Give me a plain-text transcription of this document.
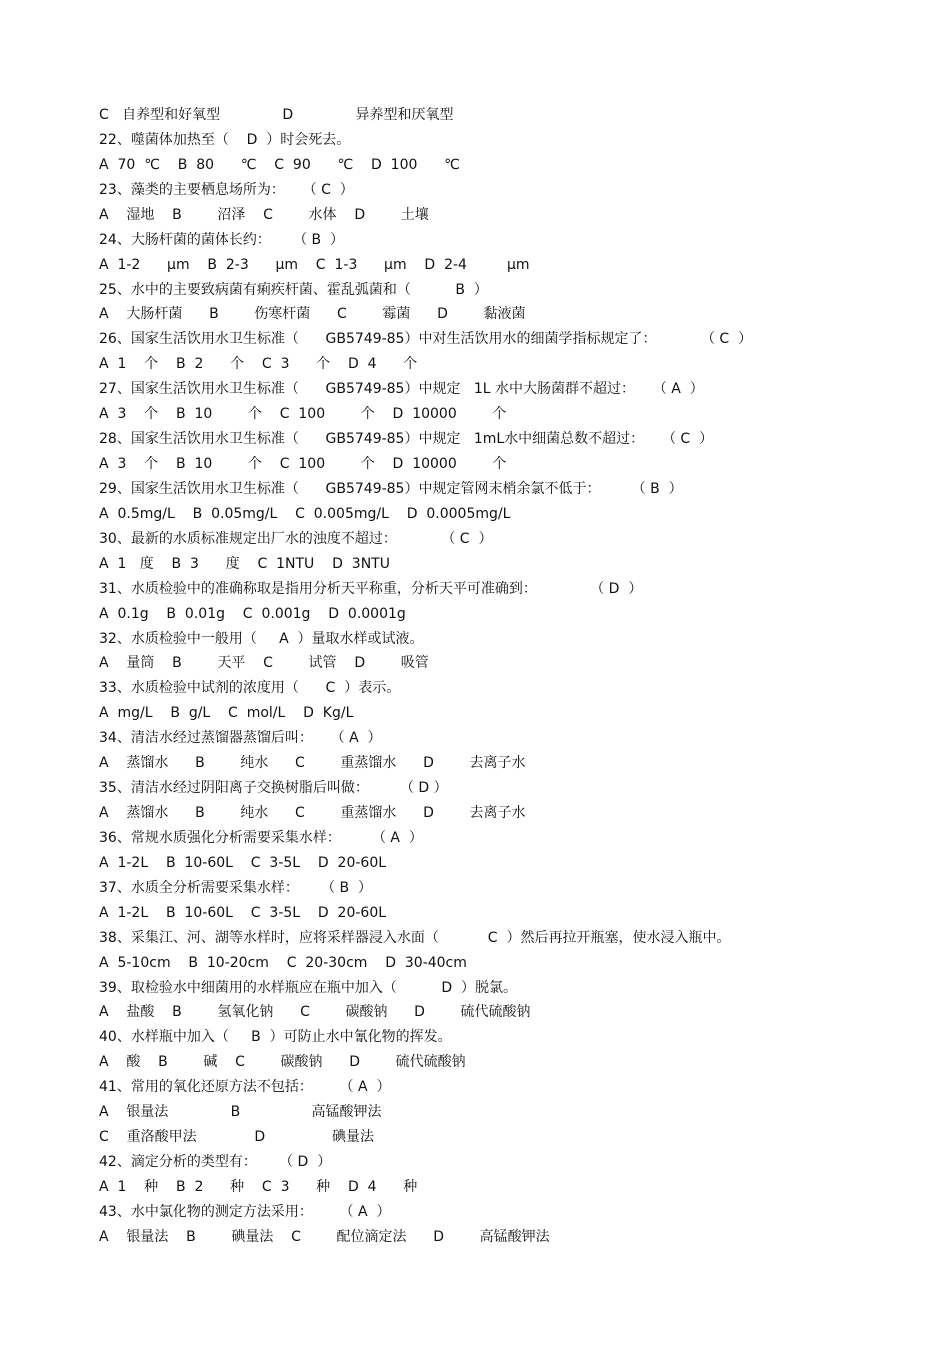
C   自养型和好氧型              D              异养型和厌氧型
22、噬菌体加热至（    D  ）时会死去。
A  70  ℃    B  80      ℃    C  90      ℃    D  100      ℃
23、藻类的主要栖息场所为：    （ C  ）
A    湿地    B        沼泽    C        水体    D        土壤
24、大肠杆菌的菌体长约：     （ B  ）
A  1-2      μm    B  2-3      μm    C  1-3      μm    D  2-4         μm
25、水中的主要致病菌有痢疾杆菌、霍乱弧菌和（          B  ）
A    大肠杆菌      B        伤寒杆菌      C        霉菌      D        黏液菌
26、国家生活饮用水卫生标准（      GB5749-85）中对生活饮用水的细菌学指标规定了：          （ C  ）
A  1    个    B  2      个    C  3      个    D  4      个
27、国家生活饮用水卫生标准（      GB5749-85）中规定   1L 水中大肠菌群不超过：    （ A  ）
A  3    个    B  10        个    C  100        个    D  10000        个
28、国家生活饮用水卫生标准（      GB5749-85）中规定   1mL水中细菌总数不超过：    （ C  ）
A  3    个    B  10        个    C  100        个    D  10000        个
29、国家生活饮用水卫生标准（      GB5749-85）中规定管网末梢余氯不低于：       （ B  ）
A  0.5mg/L    B  0.05mg/L    C  0.005mg/L    D  0.0005mg/L
30、最新的水质标准规定出厂水的浊度不超过：          （ C  ）
A  1   度    B  3      度    C  1NTU    D  3NTU
31、水质检验中的准确称取是指用分析天平称重，分析天平可准确到：            （ D  ）
A  0.1g    B  0.01g    C  0.001g    D  0.0001g
32、水质检验中一般用（     A  ）量取水样或试液。
A    量筒    B        天平    C        试管    D        吸管
33、水质检验中试剂的浓度用（      C  ）表示。
A  mg/L    B  g/L    C  mol/L    D  Kg/L
34、清洁水经过蒸馏器蒸馏后叫：    （ A  ）
A    蒸馏水      B        纯水      C        重蒸馏水      D        去离子水
35、清洁水经过阴阳离子交换树脂后叫做：       （ D ）
A    蒸馏水      B        纯水      C        重蒸馏水      D        去离子水
36、常规水质强化分析需要采集水样：       （ A  ）
A  1-2L    B  10-60L    C  3-5L    D  20-60L
37、水质全分析需要采集水样：     （ B  ）
A  1-2L    B  10-60L    C  3-5L    D  20-60L
38、采集江、河、湖等水样时，应将采样器浸入水面（           C  ）然后再拉开瓶塞，使水浸入瓶中。
A  5-10cm    B  10-20cm    C  20-30cm    D  30-40cm
39、取检验水中细菌用的水样瓶应在瓶中加入（          D  ）脱氯。
A    盐酸    B        氢氧化钠      C        碳酸钠      D        硫代硫酸钠
40、水样瓶中加入（     B  ）可防止水中氰化物的挥发。
A    酸    B        碱    C        碳酸钠      D        硫代硫酸钠
41、常用的氧化还原方法不包括：      （ A  ）
A    银量法              B                高锰酸钾法
C    重洛酸甲法             D               碘量法
42、滴定分析的类型有：     （ D  ）
A  1    种    B  2      种    C  3      种    D  4      种
43、水中氯化物的测定方法采用：      （ A  ）
A    银量法    B        碘量法    C        配位滴定法      D        高锰酸钾法
